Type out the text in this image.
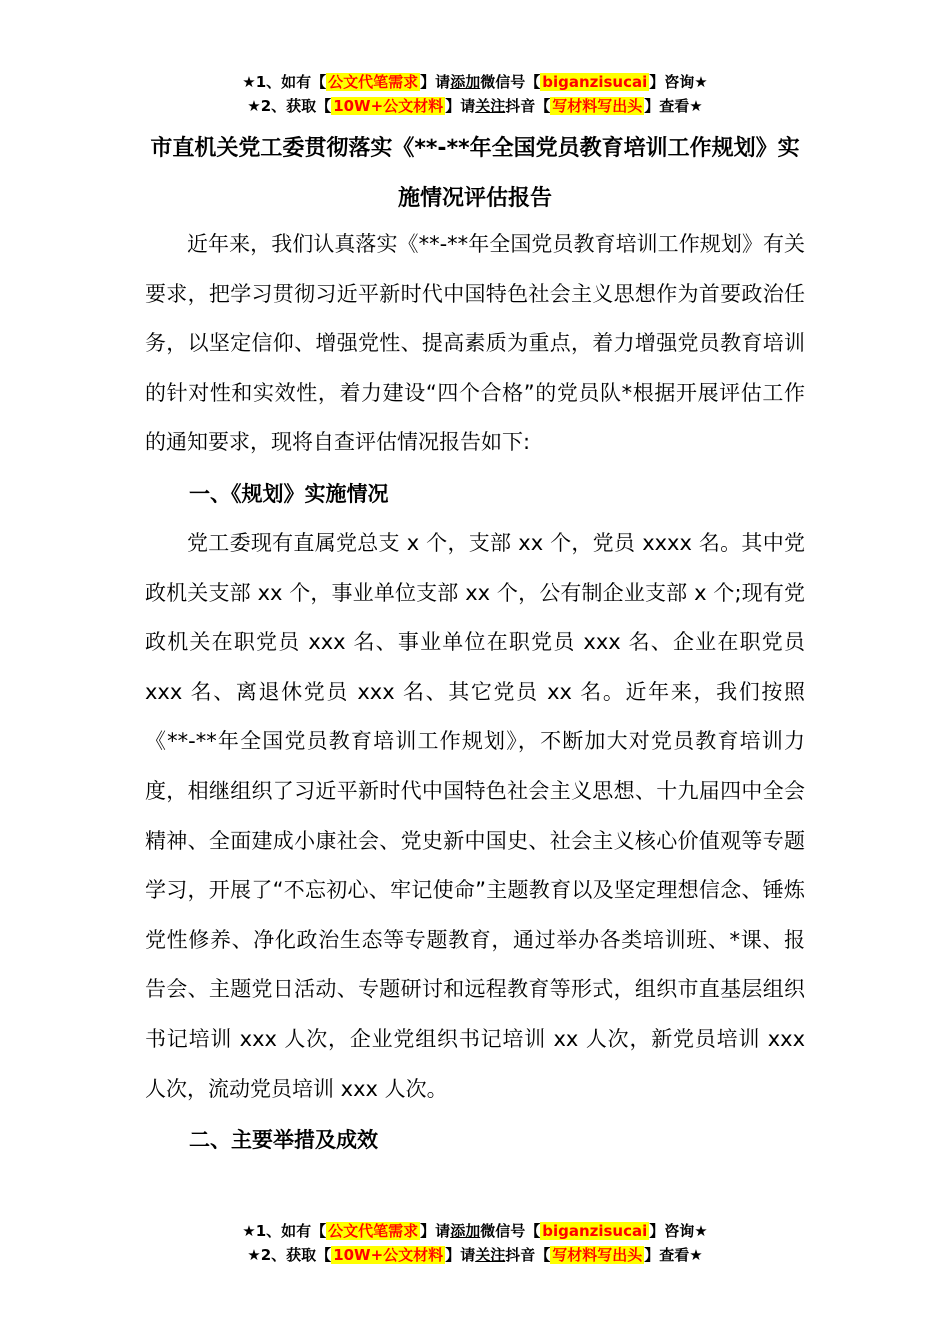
★1、如有【 公文代笔需求 】请添加微信号【 biganzisucai 】咨询★
★2、获取【 10W+公文材料 】请关注抖音【 写材料写出头 】查看★
市直机关党工委贯彻落实《**-**年全国党员教育培训工作规划》实
施情况评估报告

近年来，我们认真落实《**-**年全国党员教育培训工作规划》有关要求，把学习贯彻习近平新时代中国特色社会主义思想作为首要政治任务，以坚定信仰、增强党性、提高素质为重点，着力增强党员教育培训的针对性和实效性，着力建设“四个合格”的党员队*根据开展评估工作的通知要求，现将自查评估情况报告如下:

一、《规划》实施情况

党工委现有直属党总支 x 个，支部 xx 个，党员 xxxx 名。其中党政机关支部 xx 个，事业单位支部 xx 个，公有制企业支部 x 个;现有党政机关在职党员 xxx 名、事业单位在职党员 xxx 名、企业在职党员 xxx 名、离退休党员 xxx 名、其它党员 xx 名。近年来，我们按照《**-**年全国党员教育培训工作规划》，不断加大对党员教育培训力度，相继组织了习近平新时代中国特色社会主义思想、十九届四中全会精神、全面建成小康社会、党史新中国史、社会主义核心价值观等专题学习，开展了“不忘初心、牢记使命”主题教育以及坚定理想信念、锤炼党性修养、净化政治生态等专题教育，通过举办各类培训班、*课、报告会、主题党日活动、专题研讨和远程教育等形式，组织市直基层组织书记培训 xxx 人次，企业党组织书记培训 xx 人次，新党员培训 xxx 人次，流动党员培训 xxx 人次。

二、主要举措及成效
★1、如有【 公文代笔需求 】请添加微信号【 biganzisucai 】咨询★
★2、获取【 10W+公文材料 】请关注抖音【 写材料写出头 】查看★
